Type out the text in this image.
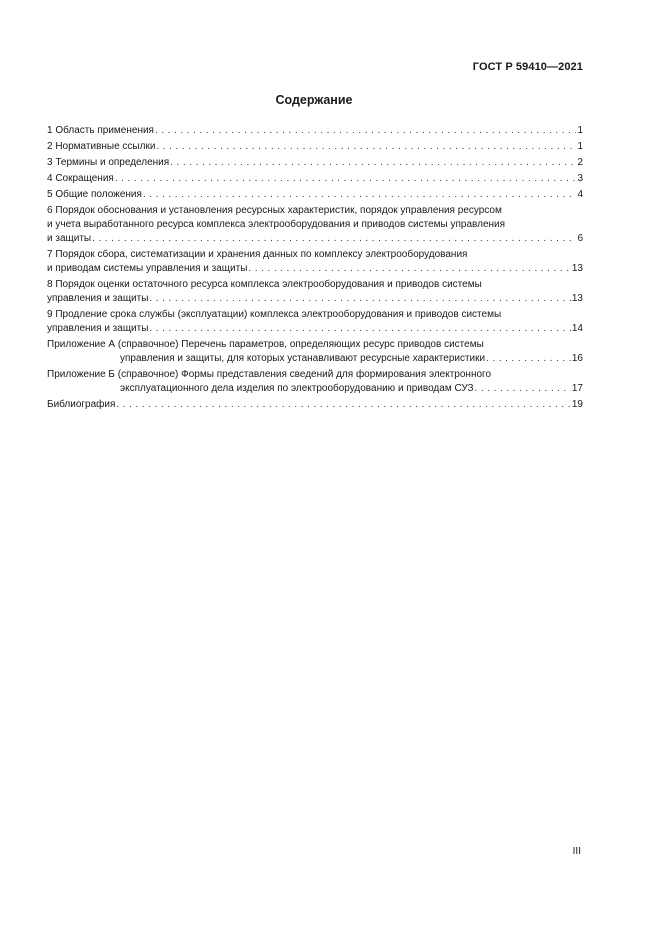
ГОСТ Р 59410—2021
Содержание
1 Область применения . . .	1
2 Нормативные ссылки . . .	1
3 Термины и определения . . .	2
4 Сокращения . . .	3
5 Общие положения . . .	4
6 Порядок обоснования и установления ресурсных характеристик, порядок управления ресурсом
и учета выработанного ресурса комплекса электрооборудования и приводов системы управления
и защиты . . .	6
7 Порядок сбора, систематизации и хранения данных по комплексу электрооборудования
и приводам системы управления и защиты . . .	13
8 Порядок оценки остаточного ресурса комплекса электрооборудования и приводов системы
управления и защиты . . .	13
9 Продление срока службы (эксплуатации) комплекса электрооборудования и приводов системы
управления и защиты . . .	14
Приложение А (справочное) Перечень параметров, определяющих ресурс приводов системы
управления и защиты, для которых устанавливают ресурсные характеристики . . .	16
Приложение Б (справочное) Формы представления сведений для формирования электронного
эксплуатационного дела изделия по электрооборудованию и приводам СУЗ . . .	17
Библиография . . .	19
III
